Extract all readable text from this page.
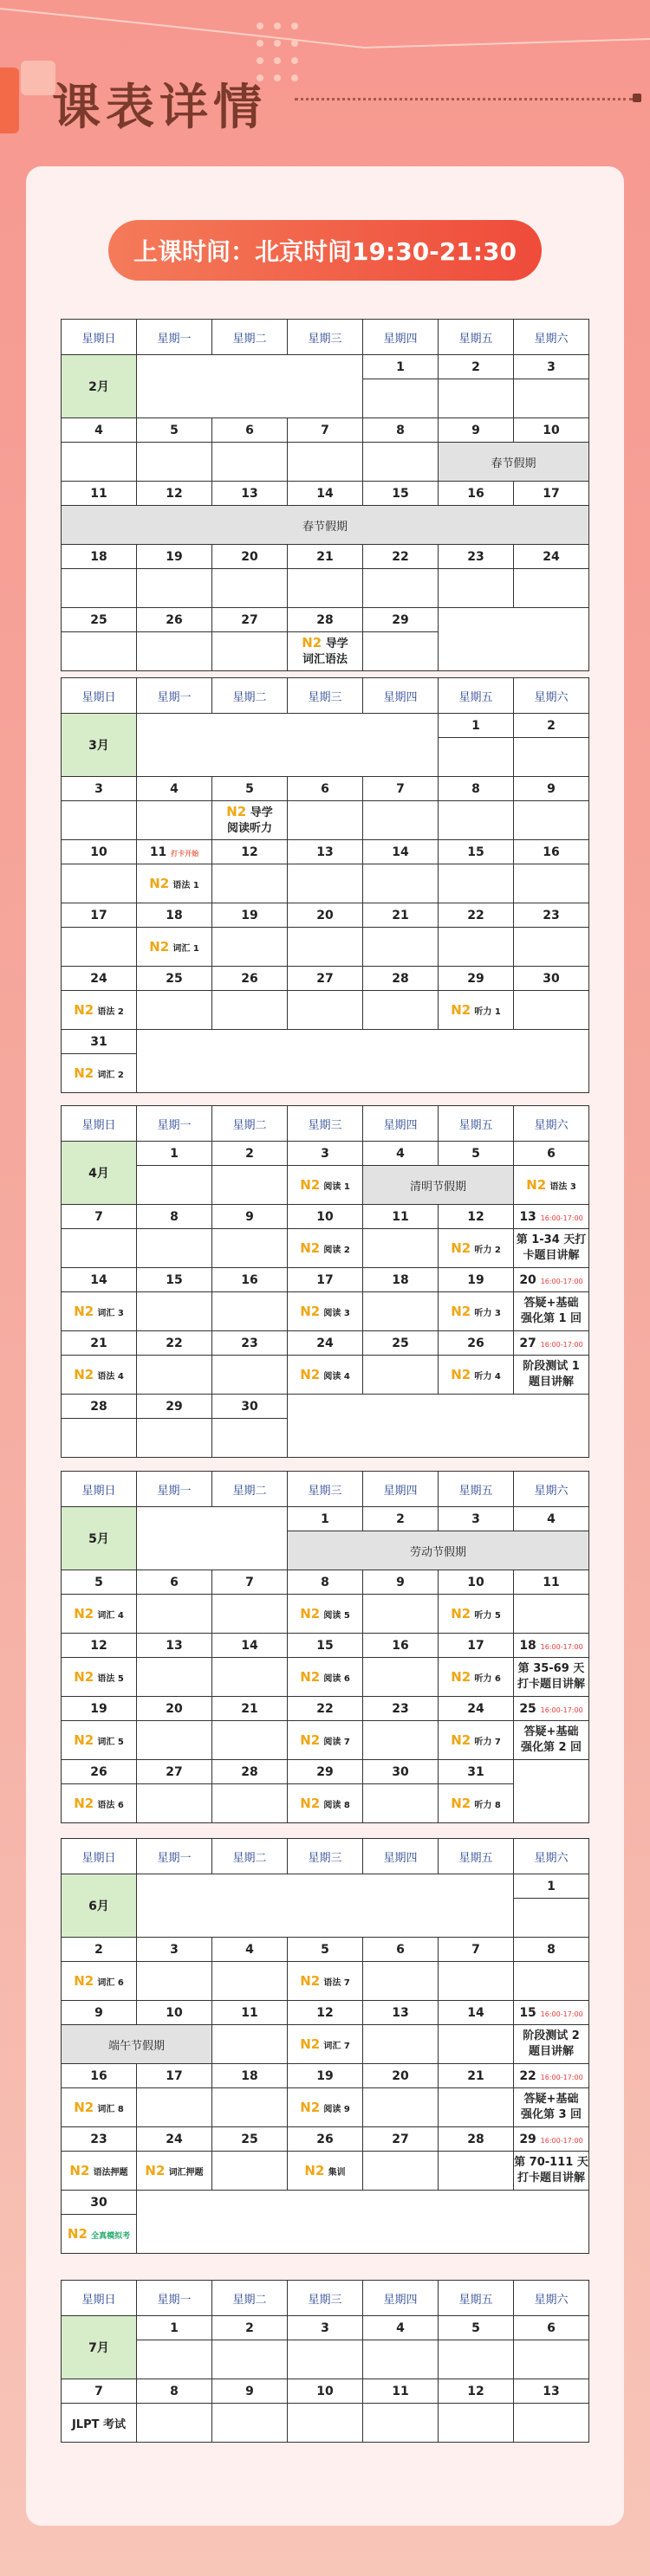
课表详情
上课时间：北京时间19:30-21:30
星期日	星期一	星期二	星期三	星期四	星期五	星期六
2月				1	2	3

4	5	6	7	8	9	10
					春节假期	
11	12	13	14	15	16	17
春节假期						
18	19	20	21	22	23	24

25	26	27	28	29		
			N2 导学
词汇语法			
星期日	星期一	星期二	星期三	星期四	星期五	星期六
3月					1	2

3	4	5	6	7	8	9
		N2 导学
阅读听力				
10	11 打卡开始	12	13	14	15	16
	N2 语法 1					
17	18	19	20	21	22	23
	N2 词汇 1					
24	25	26	27	28	29	30
N2 语法 2					N2 听力 1	
31						
N2 词汇 2						
星期日	星期一	星期二	星期三	星期四	星期五	星期六
4月	1	2	3	4	5	6
			N2 阅读 1	清明节假期		N2 语法 3
7	8	9	10	11	12	13 16:00-17:00
			N2 阅读 2		N2 听力 2	第 1-34 天打
卡题目讲解
14	15	16	17	18	19	20 16:00-17:00
N2 词汇 3			N2 阅读 3		N2 听力 3	答疑+基础
强化第 1 回
21	22	23	24	25	26	27 16:00-17:00
N2 语法 4			N2 阅读 4		N2 听力 4	阶段测试 1
题目讲解
28	29	30				

星期日	星期一	星期二	星期三	星期四	星期五	星期六
5月			1	2	3	4
			劳动节假期			
5	6	7	8	9	10	11
N2 词汇 4			N2 阅读 5		N2 听力 5	
12	13	14	15	16	17	18 16:00-17:00
N2 语法 5			N2 阅读 6		N2 听力 6	第 35-69 天
打卡题目讲解
19	20	21	22	23	24	25 16:00-17:00
N2 词汇 5			N2 阅读 7		N2 听力 7	答疑+基础
强化第 2 回
26	27	28	29	30	31	
N2 语法 6			N2 阅读 8		N2 听力 8	
星期日	星期一	星期二	星期三	星期四	星期五	星期六
6月						1

2	3	4	5	6	7	8
N2 词汇 6			N2 语法 7			
9	10	11	12	13	14	15 16:00-17:00
端午节假期			N2 词汇 7			阶段测试 2
题目讲解
16	17	18	19	20	21	22 16:00-17:00
N2 词汇 8			N2 阅读 9			答疑+基础
强化第 3 回
23	24	25	26	27	28	29 16:00-17:00
N2 语法押题	N2 词汇押题		N2 集训			第 70-111 天
打卡题目讲解
30						
N2 全真模拟考						
星期日	星期一	星期二	星期三	星期四	星期五	星期六
7月	1	2	3	4	5	6

7	8	9	10	11	12	13
JLPT 考试						
